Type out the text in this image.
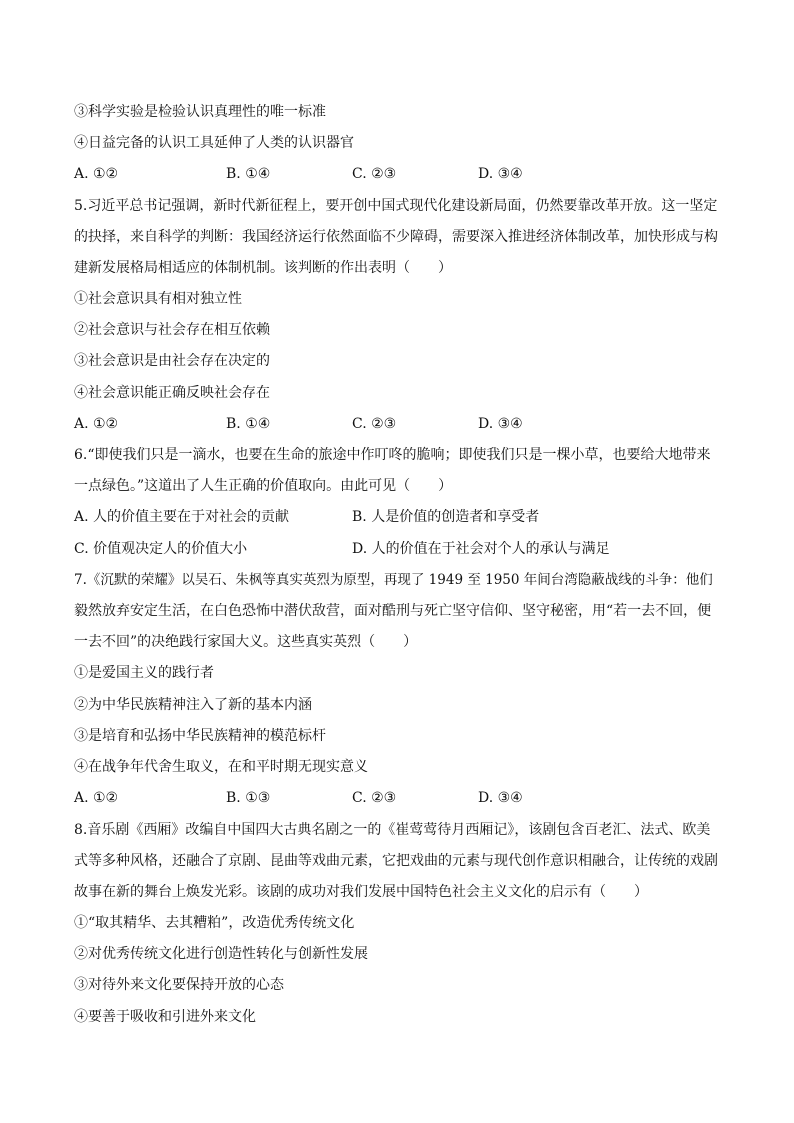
③科学实验是检验认识真理性的唯一标准
④日益完备的认识工具延伸了人类的认识器官
A. ①②	B. ①④	C. ②③	D. ③④
5.习近平总书记强调，新时代新征程上，要开创中国式现代化建设新局面，仍然要靠改革开放。这一坚定
的抉择，来自科学的判断：我国经济运行依然面临不少障碍，需要深入推进经济体制改革，加快形成与构
建新发展格局相适应的体制机制。该判断的作出表明（　　）
①社会意识具有相对独立性
②社会意识与社会存在相互依赖
③社会意识是由社会存在决定的
④社会意识能正确反映社会存在
A. ①②	B. ①④	C. ②③	D. ③④
6.“即使我们只是一滴水，也要在生命的旅途中作叮咚的脆响；即使我们只是一棵小草，也要给大地带来
一点绿色。”这道出了人生正确的价值取向。由此可见（　　）
A. 人的价值主要在于对社会的贡献	B. 人是价值的创造者和享受者
C. 价值观决定人的价值大小	D. 人的价值在于社会对个人的承认与满足
7.《沉默的荣耀》以吴石、朱枫等真实英烈为原型，再现了 1949 至 1950 年间台湾隐蔽战线的斗争：他们
毅然放弃安定生活，在白色恐怖中潜伏敌营，面对酷刑与死亡坚守信仰、坚守秘密，用“若一去不回，便
一去不回”的决绝践行家国大义。这些真实英烈（　　）
①是爱国主义的践行者
②为中华民族精神注入了新的基本内涵
③是培育和弘扬中华民族精神的模范标杆
④在战争年代舍生取义，在和平时期无现实意义
A. ①②	B. ①③	C. ②③	D. ③④
8.音乐剧《西厢》改编自中国四大古典名剧之一的《崔莺莺待月西厢记》，该剧包含百老汇、法式、欧美
式等多种风格，还融合了京剧、昆曲等戏曲元素，它把戏曲的元素与现代创作意识相融合，让传统的戏剧
故事在新的舞台上焕发光彩。该剧的成功对我们发展中国特色社会主义文化的启示有（　　）
①“取其精华、去其糟粕”，改造优秀传统文化
②对优秀传统文化进行创造性转化与创新性发展
③对待外来文化要保持开放的心态
④要善于吸收和引进外来文化
